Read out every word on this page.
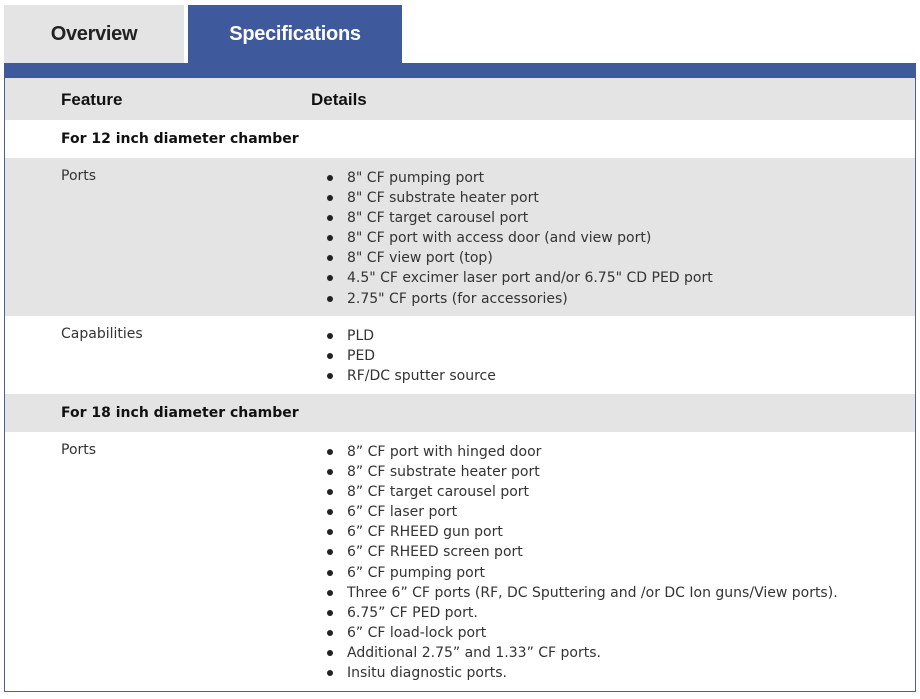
Overview	Specifications
Feature	Details
For 12 inch diameter chamber
Ports	8" CF pumping port
8" CF substrate heater port
8" CF target carousel port
8" CF port with access door (and view port)
8" CF view port (top)
4.5" CF excimer laser port and/or 6.75" CD PED port
2.75" CF ports (for accessories)
Capabilities	PLD
PED
RF/DC sputter source
For 18 inch diameter chamber
Ports	8” CF port with hinged door
8” CF substrate heater port
8” CF target carousel port
6” CF laser port
6” CF RHEED gun port
6” CF RHEED screen port
6” CF pumping port
Three 6” CF ports (RF, DC Sputtering and /or DC Ion guns/View ports).
6.75” CF PED port.
6” CF load-lock port
Additional 2.75” and 1.33” CF ports.
Insitu diagnostic ports.
